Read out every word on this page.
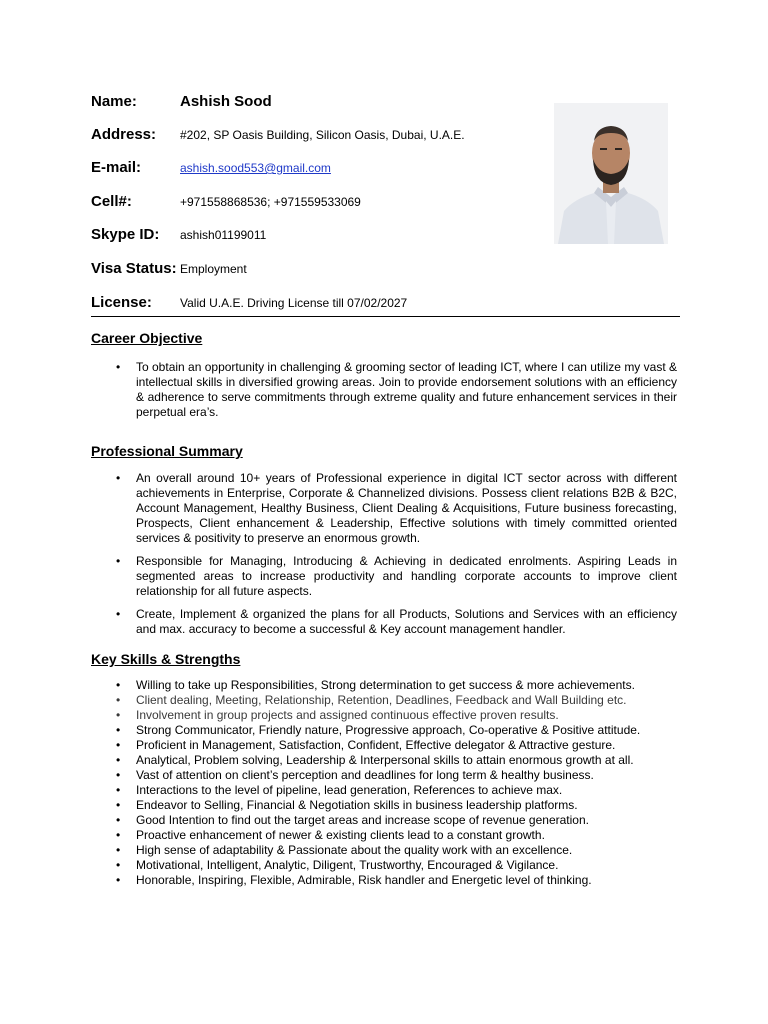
Name:	Ashish Sood
Address: #202, SP Oasis Building, Silicon Oasis, Dubai, U.A.E.
E-mail:	ashish.sood553@gmail.com
Cell#:	+971558868536; +971559533069
Skype ID: ashish01199011
Visa Status: Employment
License: Valid U.A.E. Driving License till 07/02/2027
Career Objective
• To obtain an opportunity in challenging & grooming sector of leading ICT, where I can utilize my vast & intellectual skills in diversified growing areas. Join to provide endorsement solutions with an efficiency & adherence to serve commitments through extreme quality and future enhancement services in their perpetual era’s.
Professional Summary
• An overall around 10+ years of Professional experience in digital ICT sector across with different achievements in Enterprise, Corporate & Channelized divisions. Possess client relations B2B & B2C, Account Management, Healthy Business, Client Dealing & Acquisitions, Future business forecasting, Prospects, Client enhancement & Leadership, Effective solutions with timely committed oriented services & positivity to preserve an enormous growth.
• Responsible for Managing, Introducing & Achieving in dedicated enrolments. Aspiring Leads in segmented areas to increase productivity and handling corporate accounts to improve client relationship for all future aspects.
• Create, Implement & organized the plans for all Products, Solutions and Services with an efficiency and max. accuracy to become a successful & Key account management handler.
Key Skills & Strengths
• Willing to take up Responsibilities, Strong determination to get success & more achievements.
• Client dealing, Meeting, Relationship, Retention, Deadlines, Feedback and Wall Building etc.
• Involvement in group projects and assigned continuous effective proven results.
• Strong Communicator, Friendly nature, Progressive approach, Co-operative & Positive attitude.
• Proficient in Management, Satisfaction, Confident, Effective delegator & Attractive gesture.
• Analytical, Problem solving, Leadership & Interpersonal skills to attain enormous growth at all.
• Vast of attention on client’s perception and deadlines for long term & healthy business.
• Interactions to the level of pipeline, lead generation, References to achieve max.
• Endeavor to Selling, Financial & Negotiation skills in business leadership platforms.
• Good Intention to find out the target areas and increase scope of revenue generation.
• Proactive enhancement of newer & existing clients lead to a constant growth.
• High sense of adaptability & Passionate about the quality work with an excellence.
• Motivational, Intelligent, Analytic, Diligent, Trustworthy, Encouraged & Vigilance.
• Honorable, Inspiring, Flexible, Admirable, Risk handler and Energetic level of thinking.
